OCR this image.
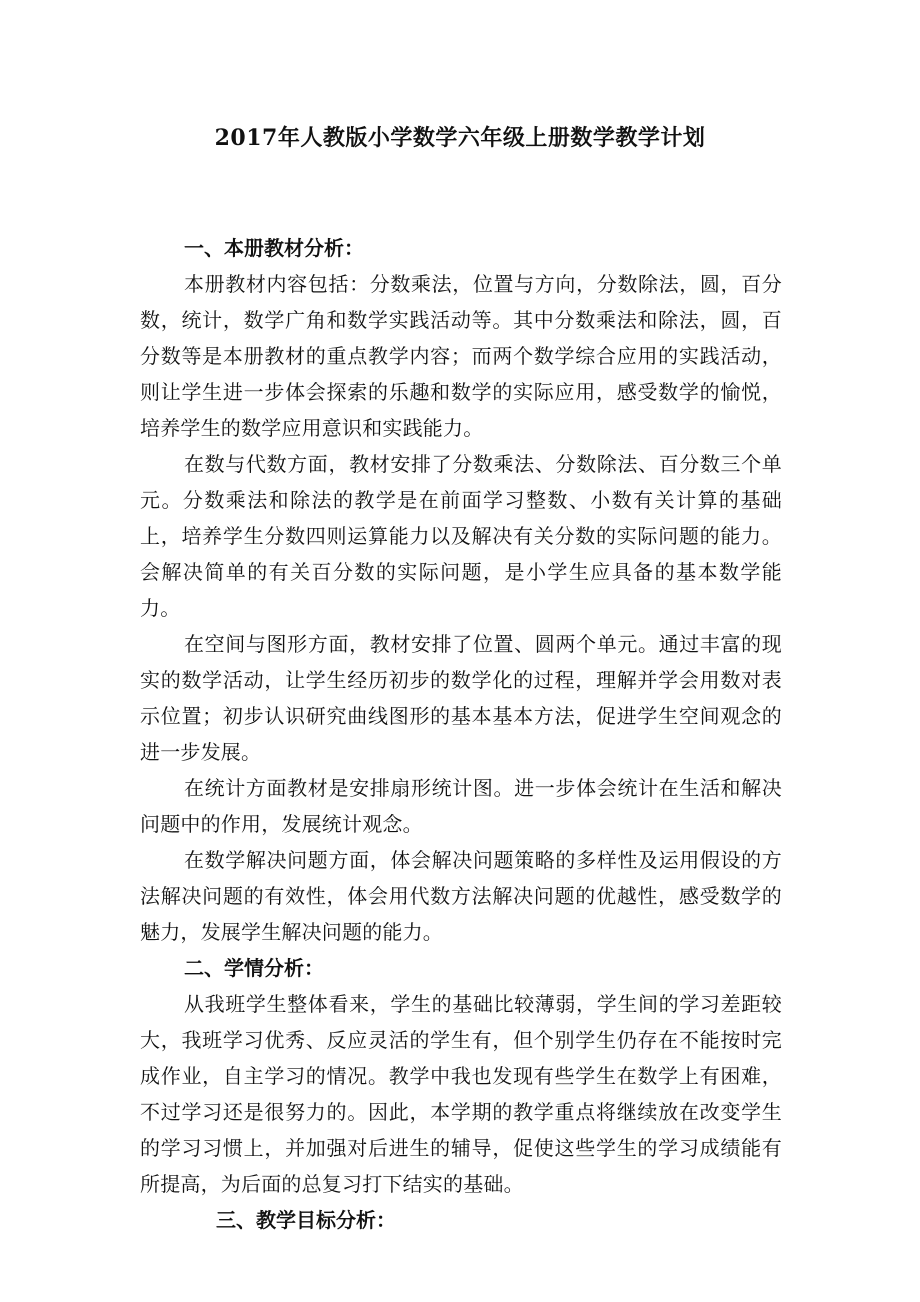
2017年人教版小学数学六年级上册数学教学计划

一、本册教材分析：

本册教材内容包括：分数乘法，位置与方向，分数除法，圆，百分数，统计，数学广角和数学实践活动等。其中分数乘法和除法，圆，百分数等是本册教材的重点教学内容；而两个数学综合应用的实践活动，则让学生进一步体会探索的乐趣和数学的实际应用，感受数学的愉悦，培养学生的数学应用意识和实践能力。

在数与代数方面，教材安排了分数乘法、分数除法、百分数三个单元。分数乘法和除法的教学是在前面学习整数、小数有关计算的基础上，培养学生分数四则运算能力以及解决有关分数的实际问题的能力。会解决简单的有关百分数的实际问题，是小学生应具备的基本数学能力。

在空间与图形方面，教材安排了位置、圆两个单元。通过丰富的现实的数学活动，让学生经历初步的数学化的过程，理解并学会用数对表示位置；初步认识研究曲线图形的基本基本方法，促进学生空间观念的进一步发展。

在统计方面教材是安排扇形统计图。进一步体会统计在生活和解决问题中的作用，发展统计观念。

在数学解决问题方面，体会解决问题策略的多样性及运用假设的方法解决问题的有效性，体会用代数方法解决问题的优越性，感受数学的魅力，发展学生解决问题的能力。

二、学情分析：

从我班学生整体看来，学生的基础比较薄弱，学生间的学习差距较大，我班学习优秀、反应灵活的学生有，但个别学生仍存在不能按时完成作业，自主学习的情况。教学中我也发现有些学生在数学上有困难，不过学习还是很努力的。因此，本学期的教学重点将继续放在改变学生的学习习惯上，并加强对后进生的辅导，促使这些学生的学习成绩能有所提高，为后面的总复习打下结实的基础。

三、教学目标分析：
